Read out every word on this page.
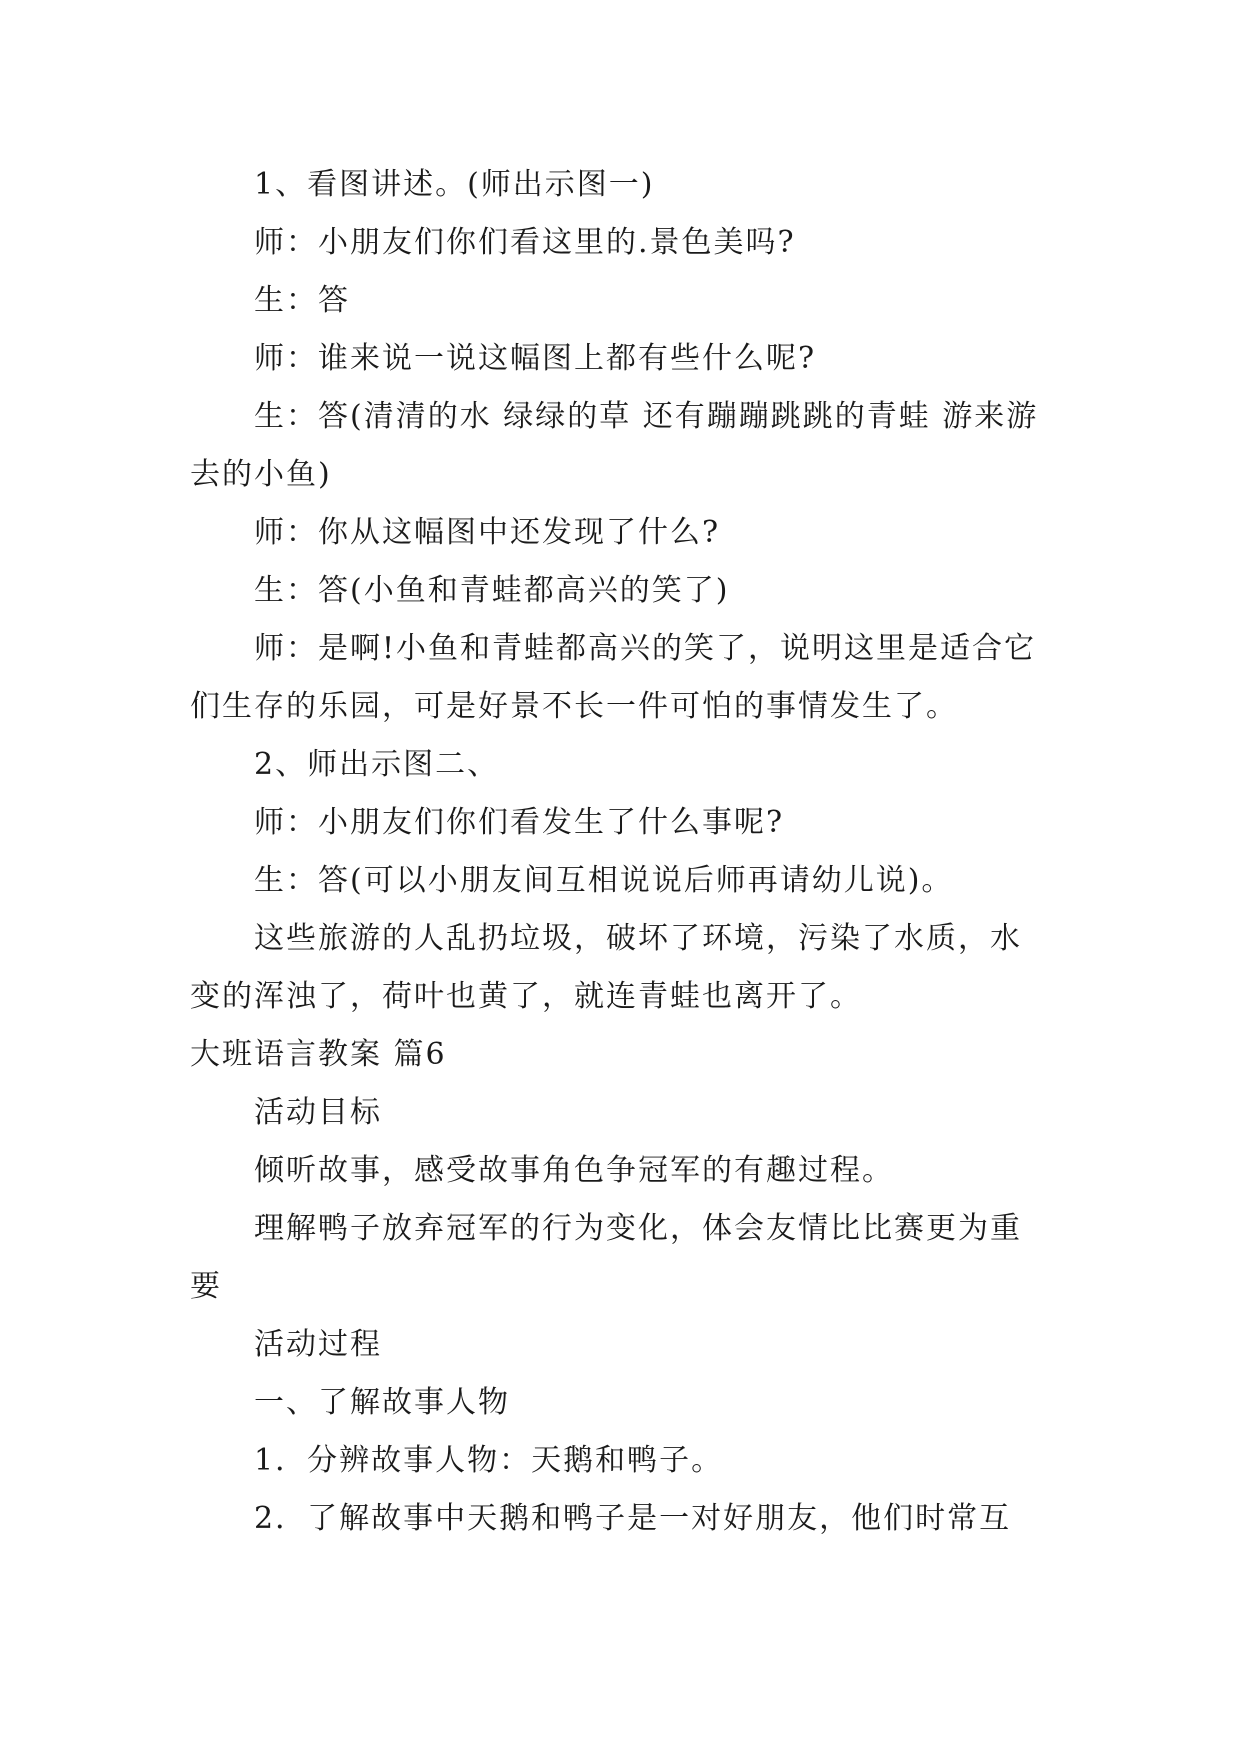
1、看图讲述。(师出示图一)

师：小朋友们你们看这里的.景色美吗?

生：答

师：谁来说一说这幅图上都有些什么呢?

生：答(清清的水 绿绿的草 还有蹦蹦跳跳的青蛙 游来游去的小鱼)

师：你从这幅图中还发现了什么?

生：答(小鱼和青蛙都高兴的笑了)

师：是啊!小鱼和青蛙都高兴的笑了，说明这里是适合它们生存的乐园，可是好景不长一件可怕的事情发生了。

2、师出示图二、

师：小朋友们你们看发生了什么事呢?

生：答(可以小朋友间互相说说后师再请幼儿说)。

这些旅游的人乱扔垃圾，破坏了环境，污染了水质，水变的浑浊了，荷叶也黄了，就连青蛙也离开了。

大班语言教案 篇6

活动目标

倾听故事，感受故事角色争冠军的有趣过程。

理解鸭子放弃冠军的行为变化，体会友情比比赛更为重要

活动过程

一、了解故事人物

1．分辨故事人物：天鹅和鸭子。

2．了解故事中天鹅和鸭子是一对好朋友，他们时常互
